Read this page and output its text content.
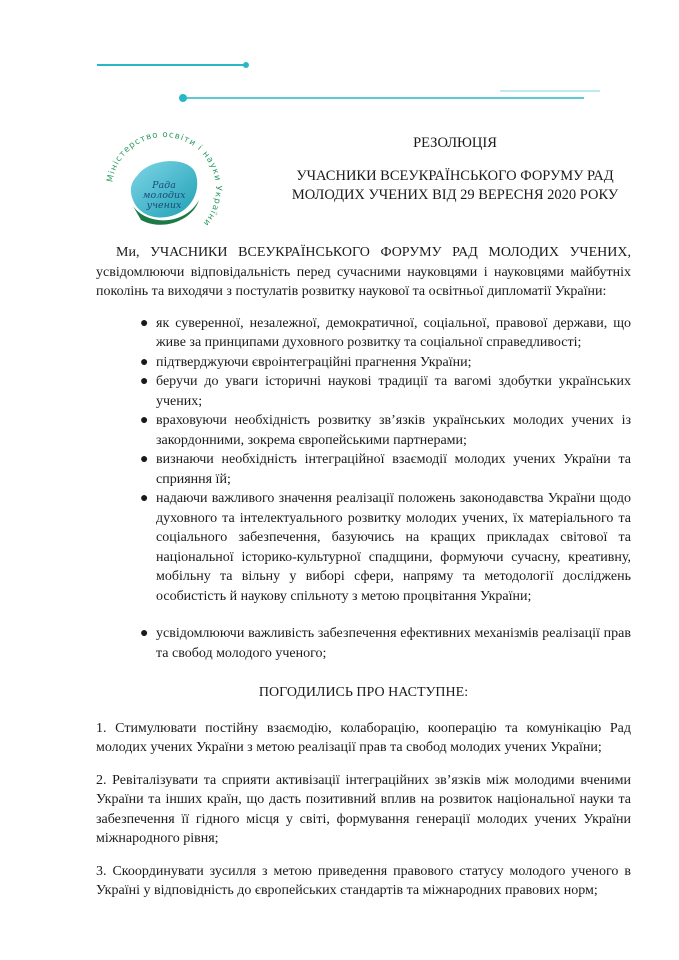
Міністерство освіти і науки України
Рада
молодих
учених
РЕЗОЛЮЦІЯ
УЧАСНИКИ ВСЕУКРАЇНСЬКОГО ФОРУМУ РАД
МОЛОДИХ УЧЕНИХ ВІД 29 ВЕРЕСНЯ 2020 РОКУ

Ми, УЧАСНИКИ ВСЕУКРАЇНСЬКОГО ФОРУМУ РАД МОЛОДИХ УЧЕНИХ, усвідомлюючи відповідальність перед сучасними науковцями і науковцями майбутніх поколінь та виходячи з постулатів розвитку наукової та освітньої дипломатії України:

● як суверенної, незалежної, демократичної, соціальної, правової держави, що живе за принципами духовного розвитку та соціальної справедливості;
● підтверджуючи євроінтеграційні прагнення України;
● беручи до уваги історичні наукові традиції та вагомі здобутки українських учених;
● враховуючи необхідність розвитку зв’язків українських молодих учених із закордонними, зокрема європейськими партнерами;
● визнаючи необхідність інтеграційної взаємодії молодих учених України та сприяння їй;
● надаючи важливого значення реалізації положень законодавства України щодо духовного та інтелектуального розвитку молодих учених, їх матеріального та соціального забезпечення, базуючись на кращих прикладах світової та національної історико-культурної спадщини, формуючи сучасну, креативну, мобільну та вільну у виборі сфери, напряму та методології досліджень особистість й наукову спільноту з метою процвітання України;
● усвідомлюючи важливість забезпечення ефективних механізмів реалізації прав та свобод молодого ученого;
ПОГОДИЛИСЬ ПРО НАСТУПНЕ:

1. Стимулювати постійну взаємодію, колаборацію, кооперацію та комунікацію Рад молодих учених України з метою реалізації прав та свобод молодих учених України;

2. Ревіталізувати та сприяти активізації інтеграційних зв’язків між молодими вченими України та інших країн, що дасть позитивний вплив на розвиток національної науки та забезпечення її гідного місця у світі, формування генерації молодих учених України міжнародного рівня;

3. Скоординувати зусилля з метою приведення правового статусу молодого ученого в Україні у відповідність до європейських стандартів та міжнародних правових норм;
